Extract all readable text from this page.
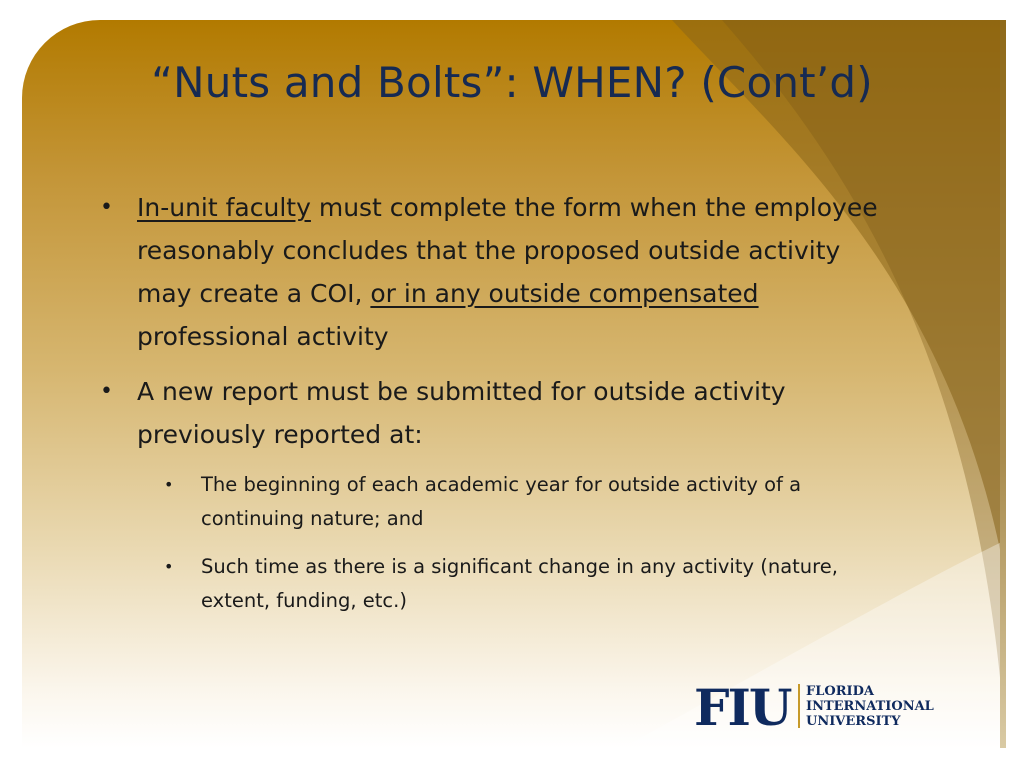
“Nuts and Bolts”: WHEN? (Cont’d)
• In-unit faculty must complete the form when the employee reasonably concludes that the proposed outside activity may create a COI, or in any outside compensated professional activity
• A new report must be submitted for outside activity previously reported at:
• The beginning of each academic year for outside activity of a continuing nature; and
• Such time as there is a significant change in any activity (nature, extent, funding, etc.)
FIU FLORIDA
INTERNATIONAL
UNIVERSITY
